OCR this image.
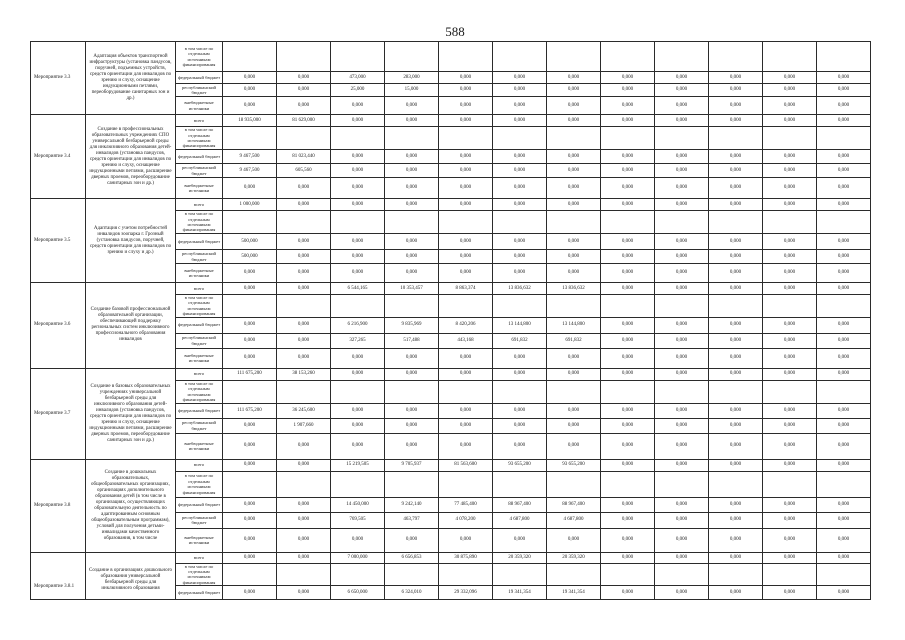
588
Мероприятие 3.3	Адаптация объектов транспортной инфраструктуры (установка пандусов, поручней, подъемных устройств, средств ориентации для инвалидов по зрению и слуху, оснащение индукционными петлями, переоборудование санитарных зон и др.)	в том числе по отдельным источникам финансирования												
		федеральный бюджет	0,000	0,000	473,000	283,000	0,000	0,000	0,000	0,000	0,000	0,000	0,000	0,000
		республиканский бюджет	0,000	0,000	25,000	15,000	0,000	0,000	0,000	0,000	0,000	0,000	0,000	0,000
		внебюджетные источники	0,000	0,000	0,000	0,000	0,000	0,000	0,000	0,000	0,000	0,000	0,000	0,000
Мероприятие 3.4	Создание в профессиональных образовательных учреждениях СПО универсальной безбарьерной среды для инклюзивного образования детей-инвалидов (установка пандусов, средств ориентации для инвалидов по зрению и слуху, оснащение индукционными петлями, расширение дверных проемов, переоборудование санитарных зон и др.)	всего	18 935,000	81 629,000	0,000	0,000	0,000	0,000	0,000	0,000	0,000	0,000	0,000	0,000
		в том числе по отдельным источникам финансирования												
		федеральный бюджет	9 467,500	81 023,440	0,000	0,000	0,000	0,000	0,000	0,000	0,000	0,000	0,000	0,000
		республиканский бюджет	9 467,500	605,560	0,000	0,000	0,000	0,000	0,000	0,000	0,000	0,000	0,000	0,000
		внебюджетные источники	0,000	0,000	0,000	0,000	0,000	0,000	0,000	0,000	0,000	0,000	0,000	0,000
Мероприятие 3.5	Адаптация с учетом потребностей инвалидов зоопарка г. Грозный (установка пандусов, поручней, средств ориентации для инвалидов по зрению и слуху и др.)	всего	1 000,000	0,000	0,000	0,000	0,000	0,000	0,000	0,000	0,000	0,000	0,000	0,000
		в том числе по отдельным источникам финансирования												
		федеральный бюджет	500,000	0,000	0,000	0,000	0,000	0,000	0,000	0,000	0,000	0,000	0,000	0,000
		республиканский бюджет	500,000	0,000	0,000	0,000	0,000	0,000	0,000	0,000	0,000	0,000	0,000	0,000
		внебюджетные источники	0,000	0,000	0,000	0,000	0,000	0,000	0,000	0,000	0,000	0,000	0,000	0,000
Мероприятие 3.6	Создание базовой профессиональной образовательной организации, обеспечивающей поддержку региональных систем инклюзивного профессионального образования инвалидов	всего	0,000	0,000	6 544,165	10 353,457	8 863,374	13 836,632	13 836,632	0,000	0,000	0,000	0,000	0,000
		в том числе по отдельным источникам финансирования												
		федеральный бюджет	0,000	0,000	6 216,900	9 835,969	8 420,206	13 144,800	13 144,800	0,000	0,000	0,000	0,000	0,000
		республиканский бюджет	0,000	0,000	327,265	517,488	443,168	691,832	691,832	0,000	0,000	0,000	0,000	0,000
		внебюджетные источники	0,000	0,000	0,000	0,000	0,000	0,000	0,000	0,000	0,000	0,000	0,000	0,000
Мероприятие 3.7	Создание в базовых образовательных учреждениях универсальной безбарьерной среды для инклюзивного образования детей-инвалидов (установка пандусов, средств ориентации для инвалидов по зрению и слуху, оснащение индукционными петлями, расширение дверных проемов, переоборудование санитарных зон и др.)	всего	111 675,200	38 153,260	0,000	0,000	0,000	0,000	0,000	0,000	0,000	0,000	0,000	0,000
		в том числе по отдельным источникам финансирования												
		федеральный бюджет	111 675,200	36 245,600	0,000	0,000	0,000	0,000	0,000	0,000	0,000	0,000	0,000	0,000
		республиканский бюджет	0,000	1 907,660	0,000	0,000	0,000	0,000	0,000	0,000	0,000	0,000	0,000	0,000
		внебюджетные источники	0,000	0,000	0,000	0,000	0,000	0,000	0,000	0,000	0,000	0,000	0,000	0,000
Мероприятие 3.8	Создание в дошкольных образовательных, общеобразовательных организациях, организациях дополнительного образования детей (в том числе в организациях, осуществляющих образовательную деятельность по адаптированным основным общеобразовательным программам), условий для получения детьми-инвалидами качественного образования, в том числе	всего	0,000	0,000	15 219,505	9 705,937	81 563,600	93 655,200	93 655,200	0,000	0,000	0,000	0,000	0,000
		в том числе по отдельным источникам финансирования												
		федеральный бюджет	0,000	0,000	14 450,000	9 242,140	77 485,400	88 967,400	88 967,400	0,000	0,000	0,000	0,000	0,000
		республиканский бюджет	0,000	0,000	769,505	463,797	4 078,200	4 687,800	4 687,800	0,000	0,000	0,000	0,000	0,000
		внебюджетные источники	0,000	0,000	0,000	0,000	0,000	0,000	0,000	0,000	0,000	0,000	0,000	0,000
Мероприятие 3.8.1	Создание в организациях дошкольного образования универсальной безбарьерной среды для инклюзивного образования	всего	0,000	0,000	7 000,000	6 656,853	30 875,890	20 359,320	20 359,320	0,000	0,000	0,000	0,000	0,000
		в том числе по отдельным источникам финансирования												
		федеральный бюджет	0,000	0,000	6 650,000	6 324,010	29 332,096	19 341,354	19 341,354	0,000	0,000	0,000	0,000	0,000
